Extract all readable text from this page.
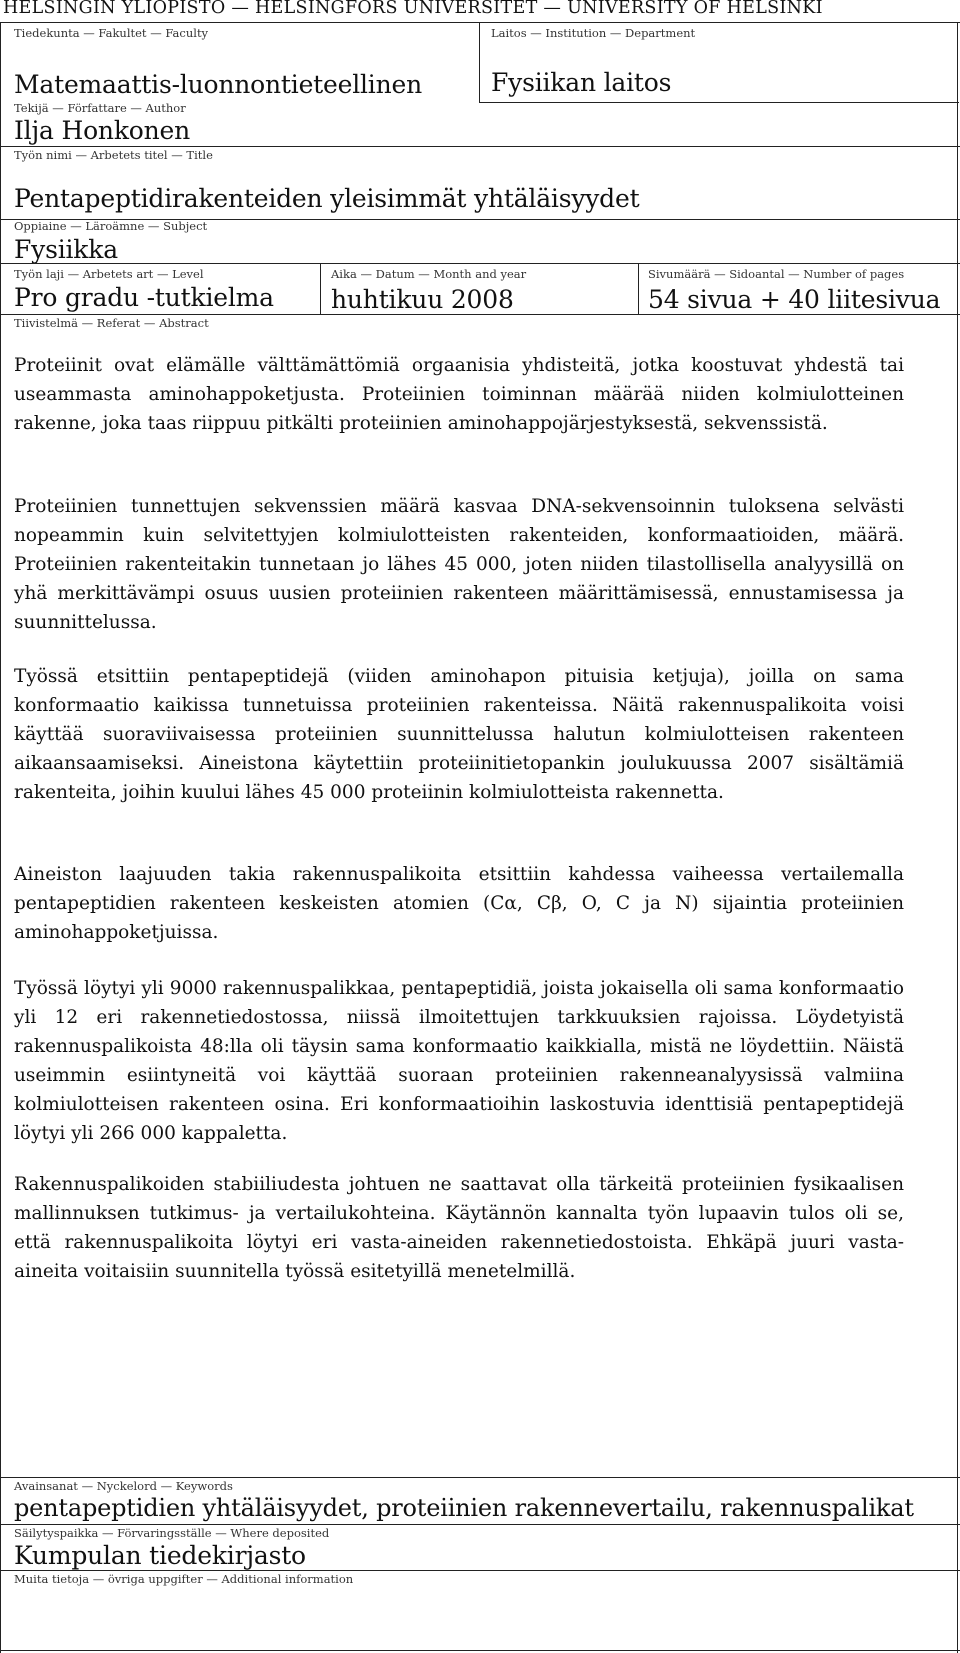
HELSINGIN YLIOPISTO — HELSINGFORS UNIVERSITET — UNIVERSITY OF HELSINKI
Tiedekunta — Fakultet — Faculty
Matemaattis-luonnontieteellinen
Laitos — Institution — Department
Fysiikan laitos
Tekijä — Författare — Author
Ilja Honkonen
Työn nimi — Arbetets titel — Title
Pentapeptidirakenteiden yleisimmät yhtäläisyydet
Oppiaine — Läroämne — Subject
Fysiikka
Työn laji — Arbetets art — Level
Pro gradu -tutkielma
Aika — Datum — Month and year
huhtikuu 2008
Sivumäärä — Sidoantal — Number of pages
54 sivua + 40 liitesivua
Tiivistelmä — Referat — Abstract

Proteiinit ovat elämälle välttämättömiä orgaanisia yhdisteitä, jotka koostuvat yhdestä tai useammasta aminohappoketjusta. Proteiinien toiminnan määrää niiden kolmiulotteinen rakenne, joka taas riippuu pitkälti proteiinien aminohappojärjestyksestä, sekvenssistä.

Proteiinien tunnettujen sekvenssien määrä kasvaa DNA-sekvensoinnin tuloksena selvästi nopeammin kuin selvitettyjen kolmiulotteisten rakenteiden, konformaatioiden, määrä. Proteiinien rakenteitakin tunnetaan jo lähes 45 000, joten niiden tilastollisella analyysillä on yhä merkittävämpi osuus uusien proteiinien rakenteen määrittämisessä, ennustamisessa ja suunnittelussa.

Työssä etsittiin pentapeptidejä (viiden aminohapon pituisia ketjuja), joilla on sama konformaatio kaikissa tunnetuissa proteiinien rakenteissa. Näitä rakennuspalikoita voisi käyttää suoraviivaisessa proteiinien suunnittelussa halutun kolmiulotteisen rakenteen aikaansaamiseksi. Aineistona käytettiin proteiinitietopankin joulukuussa 2007 sisältämiä rakenteita, joihin kuului lähes 45 000 proteiinin kolmiulotteista rakennetta.

Aineiston laajuuden takia rakennuspalikoita etsittiin kahdessa vaiheessa vertailemalla pentapeptidien rakenteen keskeisten atomien (Cα, Cβ, O, C ja N) sijaintia proteiinien aminohappoketjuissa.

Työssä löytyi yli 9000 rakennuspalikkaa, pentapeptidiä, joista jokaisella oli sama konformaatio yli 12 eri rakennetiedostossa, niissä ilmoitettujen tarkkuuksien rajoissa. Löydetyistä rakennuspalikoista 48:lla oli täysin sama konformaatio kaikkialla, mistä ne löydettiin. Näistä useimmin esiintyneitä voi käyttää suoraan proteiinien rakenneanalyysissä valmiina kolmiulotteisen rakenteen osina. Eri konformaatioihin laskostuvia identtisiä pentapeptidejä löytyi yli 266 000 kappaletta.

Rakennuspalikoiden stabiiliudesta johtuen ne saattavat olla tärkeitä proteiinien fysikaalisen mallinnuksen tutkimus- ja vertailukohteina. Käytännön kannalta työn lupaavin tulos oli se, että rakennuspalikoita löytyi eri vasta-aineiden rakennetiedostoista. Ehkäpä juuri vasta-aineita voitaisiin suunnitella työssä esitetyillä menetelmillä.

Avainsanat — Nyckelord — Keywords
pentapeptidien yhtäläisyydet, proteiinien rakennevertailu, rakennuspalikat
Säilytyspaikka — Förvaringsställe — Where deposited
Kumpulan tiedekirjasto
Muita tietoja — övriga uppgifter — Additional information
